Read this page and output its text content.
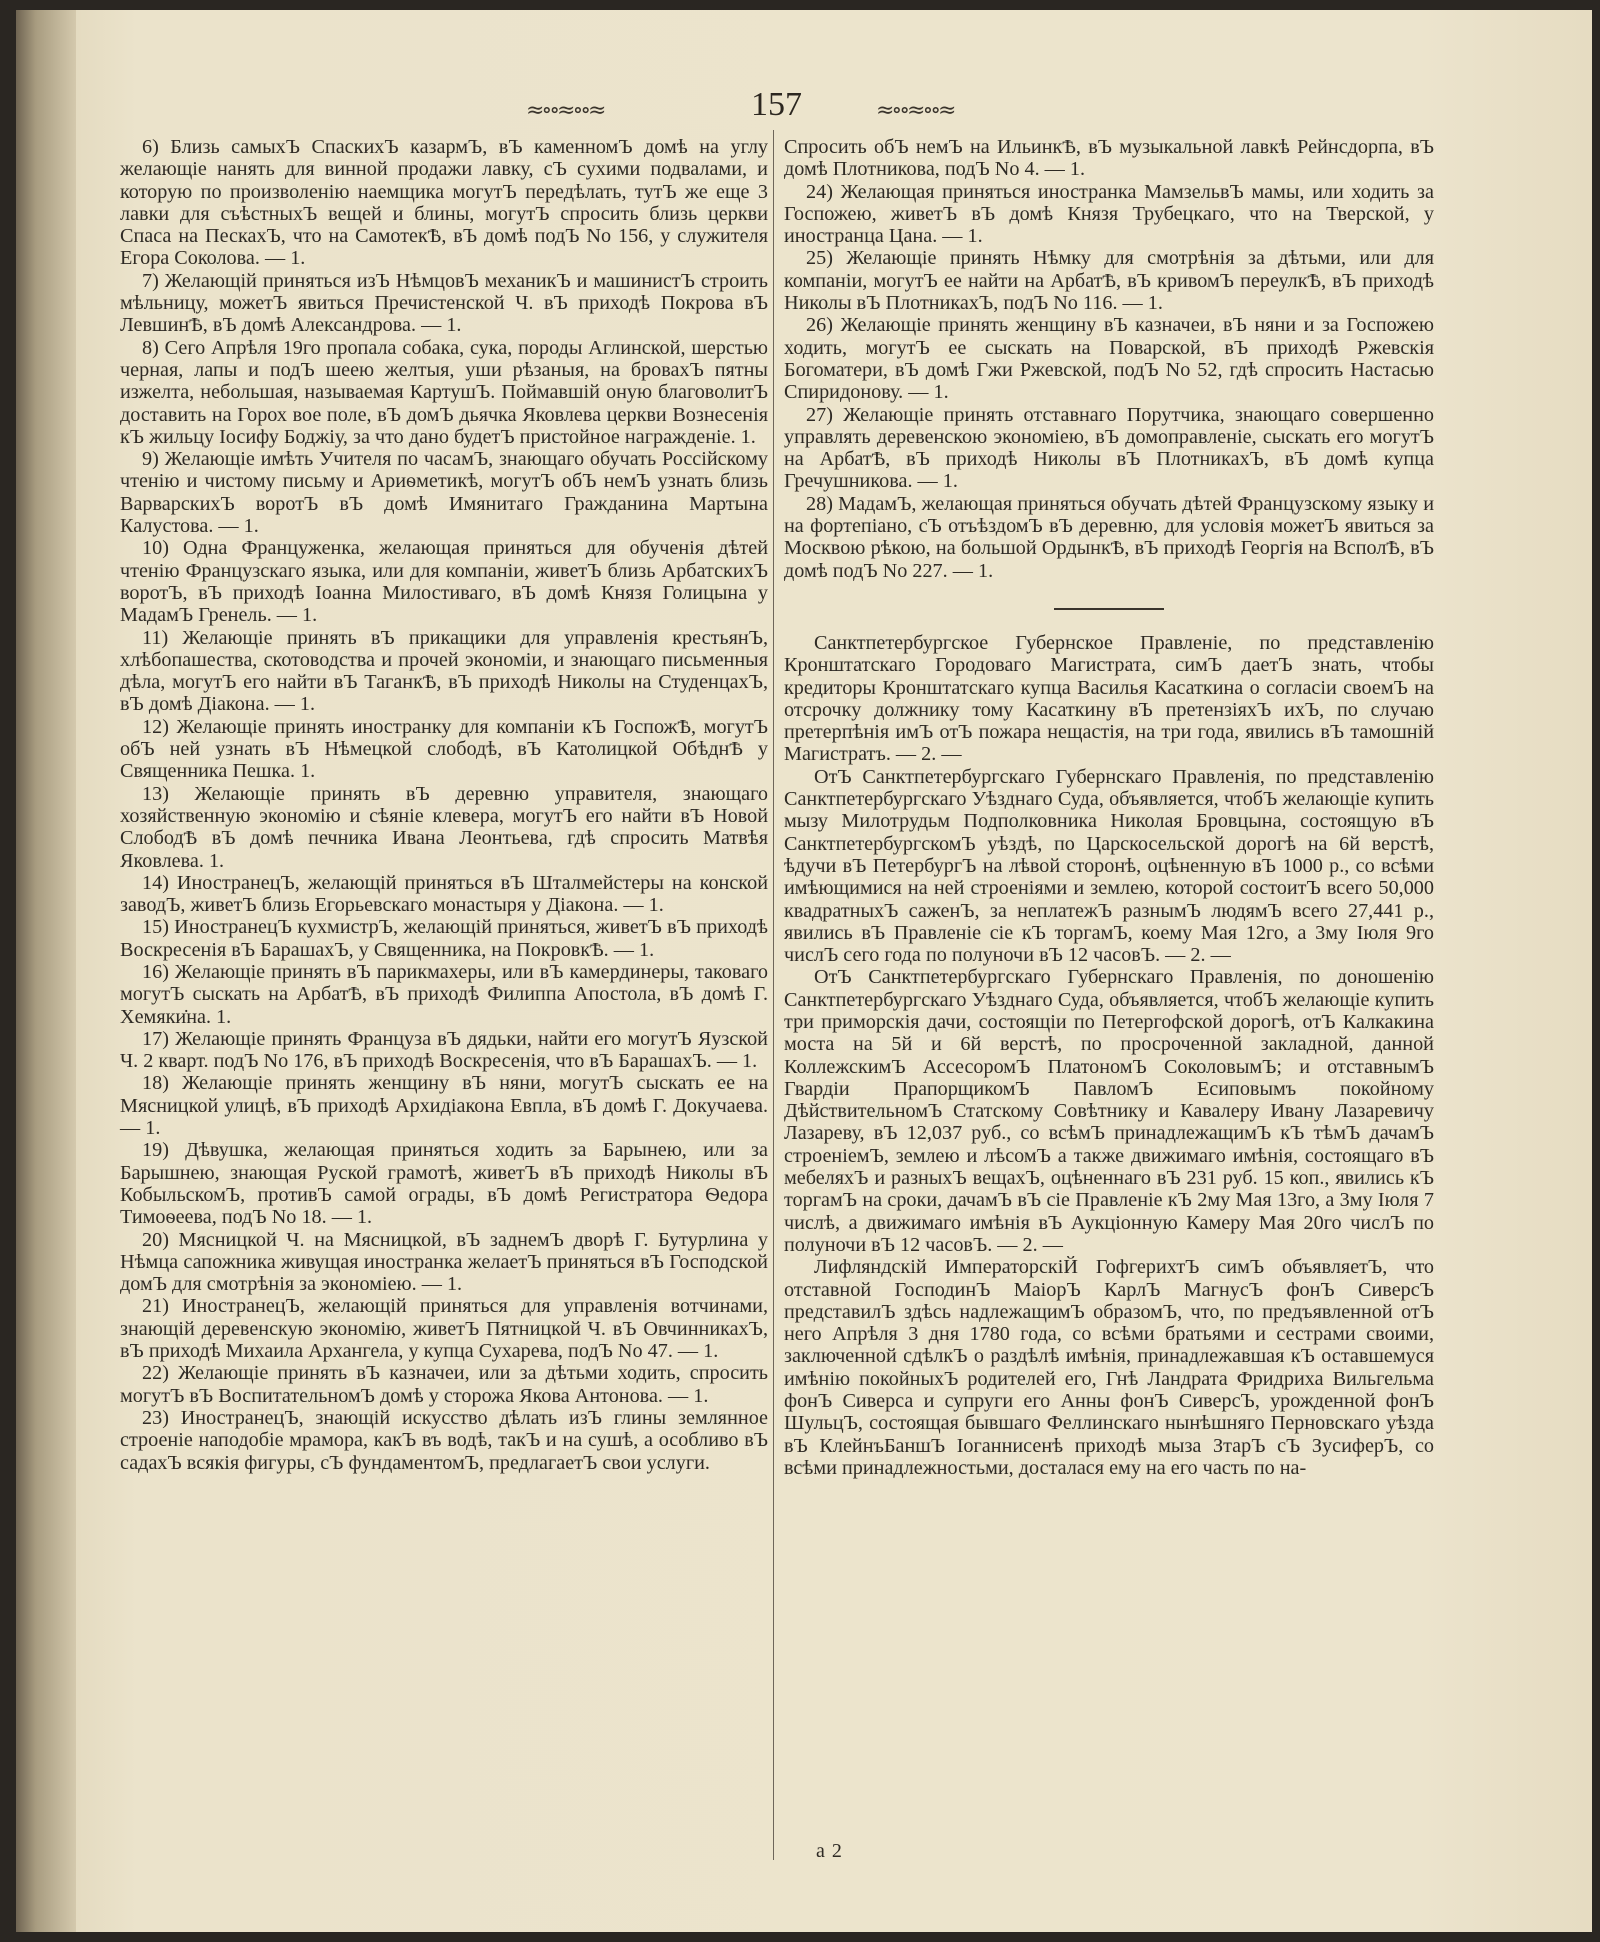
≈∘∘≈∘∘≈	157	≈∘∘≈∘∘≈

6) Близь самыхЪ СпаскихЪ казармЪ, вЪ каменномЪ домѣ на углу желающіе нанять для винной продажи лавку, сЪ сухими подвалами, и которую по произволенію наемщика могутЪ передѣлать, тутЪ же еще 3 лавки для съѣстныхЪ вещей и блины, могутЪ спросить близь церкви Спаса на ПескахЪ, что на СамотекѢ, вЪ домѣ подЪ No 156, у служителя Егора Соколова. — 1.

7) Желающій приняться изЪ НѣмцовЪ механикЪ и машинистЪ строить мѣльницу, можетЪ явиться Пречистенской Ч. вЪ приходѣ Покрова вЪ ЛевшинѢ, вЪ домѣ Александрова. — 1.

8) Сего Апрѣля 19го пропала собака, сука, породы Аглинской, шерстью черная, лапы и подЪ шеею желтыя, уши рѣзаныя, на бровахЪ пятны изжелта, небольшая, называемая КартушЪ. Поймавшій оную благоволитЪ доставить на Горох вое поле, вЪ домЪ дьячка Яковлева церкви Вознесенія кЪ жильцу Іосифу Боджіу, за что дано будетЪ пристойное награжденіе. 1.

9) Желающіе имѣть Учителя по часамЪ, знающаго обучать Россійскому чтенію и чистому письму и Ариѳметикѣ, могутЪ обЪ немЪ узнать близь ВарварскихЪ воротЪ вЪ домѣ Имянитаго Гражданина Мартына Калустова. — 1.

10) Одна Француженка, желающая приняться для обученія дѣтей чтенію Французскаго языка, или для компаніи, живетЪ близь АрбатскихЪ воротЪ, вЪ приходѣ Іоанна Милостиваго, вЪ домѣ Князя Голицына у МадамЪ Гренель. — 1.

11) Желающіе принять вЪ прикащики для управленія крестьянЪ, хлѣбопашества, скотоводства и прочей экономіи, и знающаго письменныя дѣла, могутЪ его найти вЪ ТаганкѢ, вЪ приходѣ Николы на СтуденцахЪ, вЪ домѣ Діакона. — 1.

12) Желающіе принять иностранку для компаніи кЪ ГоспожѢ, могутЪ обЪ ней узнать вЪ Нѣмецкой слободѣ, вЪ Католицкой ОбѣднѢ у Священника Пешка. 1.

13) Желающіе принять вЪ деревню управителя, знающаго хозяйственную экономію и сѣяніе клевера, могутЪ его найти вЪ Новой СлободѢ вЪ домѣ печника Ивана Леонтьева, гдѣ спросить Матвѣя Яковлева. 1.

14) ИностранецЪ, желающій приняться вЪ Шталмейстеры на конской заводЪ, живетЪ близь Егорьевскаго монастыря у Діакона. — 1.

15) ИностранецЪ кухмистрЪ, желающій приняться, живетЪ вЪ приходѣ Воскресенія вЪ БарашахЪ, у Священника, на ПокровкѢ. — 1.

16) Желающіе принять вЪ парикмахеры, или вЪ камердинеры, таковаго могутЪ сыскать на АрбатѢ, вЪ приходѣ Филиппа Апостола, вЪ домѣ Г. Хемяки̇на. 1.

17) Желающіе принять Француза вЪ дядьки, найти его могутЪ Яузской Ч. 2 кварт. подЪ No 176, вЪ приходѣ Воскресенія, что вЪ БарашахЪ. — 1.

18) Желающіе принять женщину вЪ няни, могутЪ сыскать ее на Мясницкой улицѣ, вЪ приходѣ Архидіакона Евпла, вЪ домѣ Г. Докучаева. — 1.

19) Дѣвушка, желающая приняться ходить за Барынею, или за Барышнею, знающая Руской грамотѣ, живетЪ вЪ приходѣ Николы вЪ КобыльскомЪ, противЪ самой ограды, вЪ домѣ Регистратора Ѳедора Тимоѳеева, подЪ No 18. — 1.

20) Мясницкой Ч. на Мясницкой, вЪ заднемЪ дворѣ Г. Бутурлина у Нѣмца сапожника живущая иностранка желаетЪ приняться вЪ Господской домЪ для смотрѣнія за экономіею. — 1.

21) ИностранецЪ, желающій приняться для управленія вотчинами, знающій деревенскую экономію, живетЪ Пятницкой Ч. вЪ ОвчинникахЪ, вЪ приходѣ Михаила Архангела, у купца Сухарева, подЪ No 47. — 1.

22) Желающіе принять вЪ казначеи, или за дѣтьми ходить, спросить могутЪ вЪ ВоспитательномЪ домѣ у сторожа Якова Антонова. — 1.

23) ИностранецЪ, знающій искусство дѣлать изЪ глины землянное строеніе наподобіе мрамора, какЪ въ водѣ, такЪ и на сушѣ, а особливо вЪ садахЪ всякія фигуры, сЪ фундаментомЪ, предлагаетЪ свои услуги.

Спросить обЪ немЪ на ИльинкѢ, вЪ музыкальной лавкѣ Рейнсдорпа, вЪ домѣ Плотникова, подЪ No 4. — 1.

24) Желающая приняться иностранка МамзельвЪ мамы, или ходить за Госпожею, живетЪ вЪ домѣ Князя Трубецкаго, что на Тверской, у иностранца Цана. — 1.

25) Желающіе принять Нѣмку для смотрѣнія за дѣтьми, или для компаніи, могутЪ ее найти на АрбатѢ, вЪ кривомЪ переулкѢ, вЪ приходѣ Николы вЪ ПлотникахЪ, подЪ No 116. — 1.

26) Желающіе принять женщину вЪ казначеи, вЪ няни и за Госпожею ходить, могутЪ ее сыскать на Поварской, вЪ приходѣ Ржевскія Богоматери, вЪ домѣ Гжи Ржевской, подЪ No 52, гдѣ спросить Настасью Спиридонову. — 1.

27) Желающіе принять отставнаго Порутчика, знающаго совершенно управлять деревенскою экономіею, вЪ домоправленіе, сыскать его могутЪ на АрбатѢ, вЪ приходѣ Николы вЪ ПлотникахЪ, вЪ домѣ купца Гречушникова. — 1.

28) МадамЪ, желающая приняться обучать дѣтей Французскому языку и на фортепіано, сЪ отъѣздомЪ вЪ деревню, для условія можетЪ явиться за Москвою рѣкою, на большой ОрдынкѢ, вЪ приходѣ Георгія на ВсполѢ, вЪ домѣ подЪ No 227. — 1.

Санктпетербургское Губернское Правленіе, по представленію Кронштатскаго Городоваго Магистрата, симЪ даетЪ знать, чтобы кредиторы Кронштатскаго купца Василья Касаткина о согласіи своемЪ на отсрочку должнику тому Касаткину вЪ претензіяхЪ ихЪ, по случаю претерпѣнія имЪ отЪ пожара нещастія, на три года, явились вЪ тамошній Магистратъ. — 2. —

ОтЪ Санктпетербургскаго Губернскаго Правленія, по представленію Санктпетербургскаго Уѣзднаго Суда, объявляется, чтобЪ желающіе купить мызу Милотрудьм Подполковника Николая Бровцына, состоящую вЪ СанктпетербургскомЪ уѣздѣ, по Царскосельской дорогѣ на 6й верстѣ, ѣдучи вЪ ПетербургЪ на лѣвой сторонѣ, оцѣненную вЪ 1000 р., со всѣми имѣющимися на ней строеніями и землею, которой состоитЪ всего 50,000 квадратныхЪ саженЪ, за неплатежЪ разнымЪ людямЪ всего 27,441 р., явились вЪ Правленіе сіе кЪ торгамЪ, коему Мая 12го, а 3му Іюля 9го числЪ сего года по полуночи вЪ 12 часовЪ. — 2. —

ОтЪ Санктпетербургскаго Губернскаго Правленія, по доношенію Санктпетербургскаго Уѣзднаго Суда, объявляется, чтобЪ желающіе купить три приморскія дачи, состоящіи по Петергофской дорогѣ, отЪ Калкакина моста на 5й и 6й верстѣ, по просроченной закладной, данной КоллежскимЪ АссесоромЪ ПлатономЪ СоколовымЪ; и отставнымЪ Гвардіи ПрапорщикомЪ ПавломЪ Есиповымъ покойному ДѣйствительномЪ Статскому Совѣтнику и Кавалеру Ивану Лазаревичу Лазареву, вЪ 12,037 руб., со всѣмЪ принадлежащимЪ кЪ тѣмЪ дачамЪ строеніемЪ, землею и лѣсомЪ а также движимаго имѣнія, состоящаго вЪ мебеляхЪ и разныхЪ вещахЪ, оцѣненнаго вЪ 231 руб. 15 коп., явились кЪ торгамЪ на сроки, дачамЪ вЪ сіе Правленіе кЪ 2му Мая 13го, а 3му Іюля 7 числѣ, а движимаго имѣнія вЪ Аукціонную Камеру Мая 20го числЪ по полуночи вЪ 12 часовЪ. — 2. —

Лифляндскій ИмператорскіЙ ГофгерихтЪ симЪ объявляетЪ, что отставной ГосподинЪ МаіорЪ КарлЪ МагнусЪ фонЪ СиверсЪ представилЪ здѣсь надлежащимЪ образомЪ, что, по предъявленной отЪ него Апрѣля 3 дня 1780 года, со всѣми братьями и сестрами своими, заключенной сдѣлкЪ о раздѣлѣ имѣнія, принадлежавшая кЪ оставшемуся имѣнію покойныхЪ родителей его, Гнѣ Ландрата Фридриха Вильгельма фонЪ Сиверса и супруги его Анны фонЪ СиверсЪ, урожденной фонЪ ШульцЪ, состоящая бывшаго Феллинскаго нынѣшняго Перновскаго уѣзда вЪ КлейнъБаншЪ Іоганнисенѣ приходѣ мыза ЗтарЪ сЪ ЗусиферЪ, со всѣми принадлежностьми, досталася ему на его часть по на-

а 2
